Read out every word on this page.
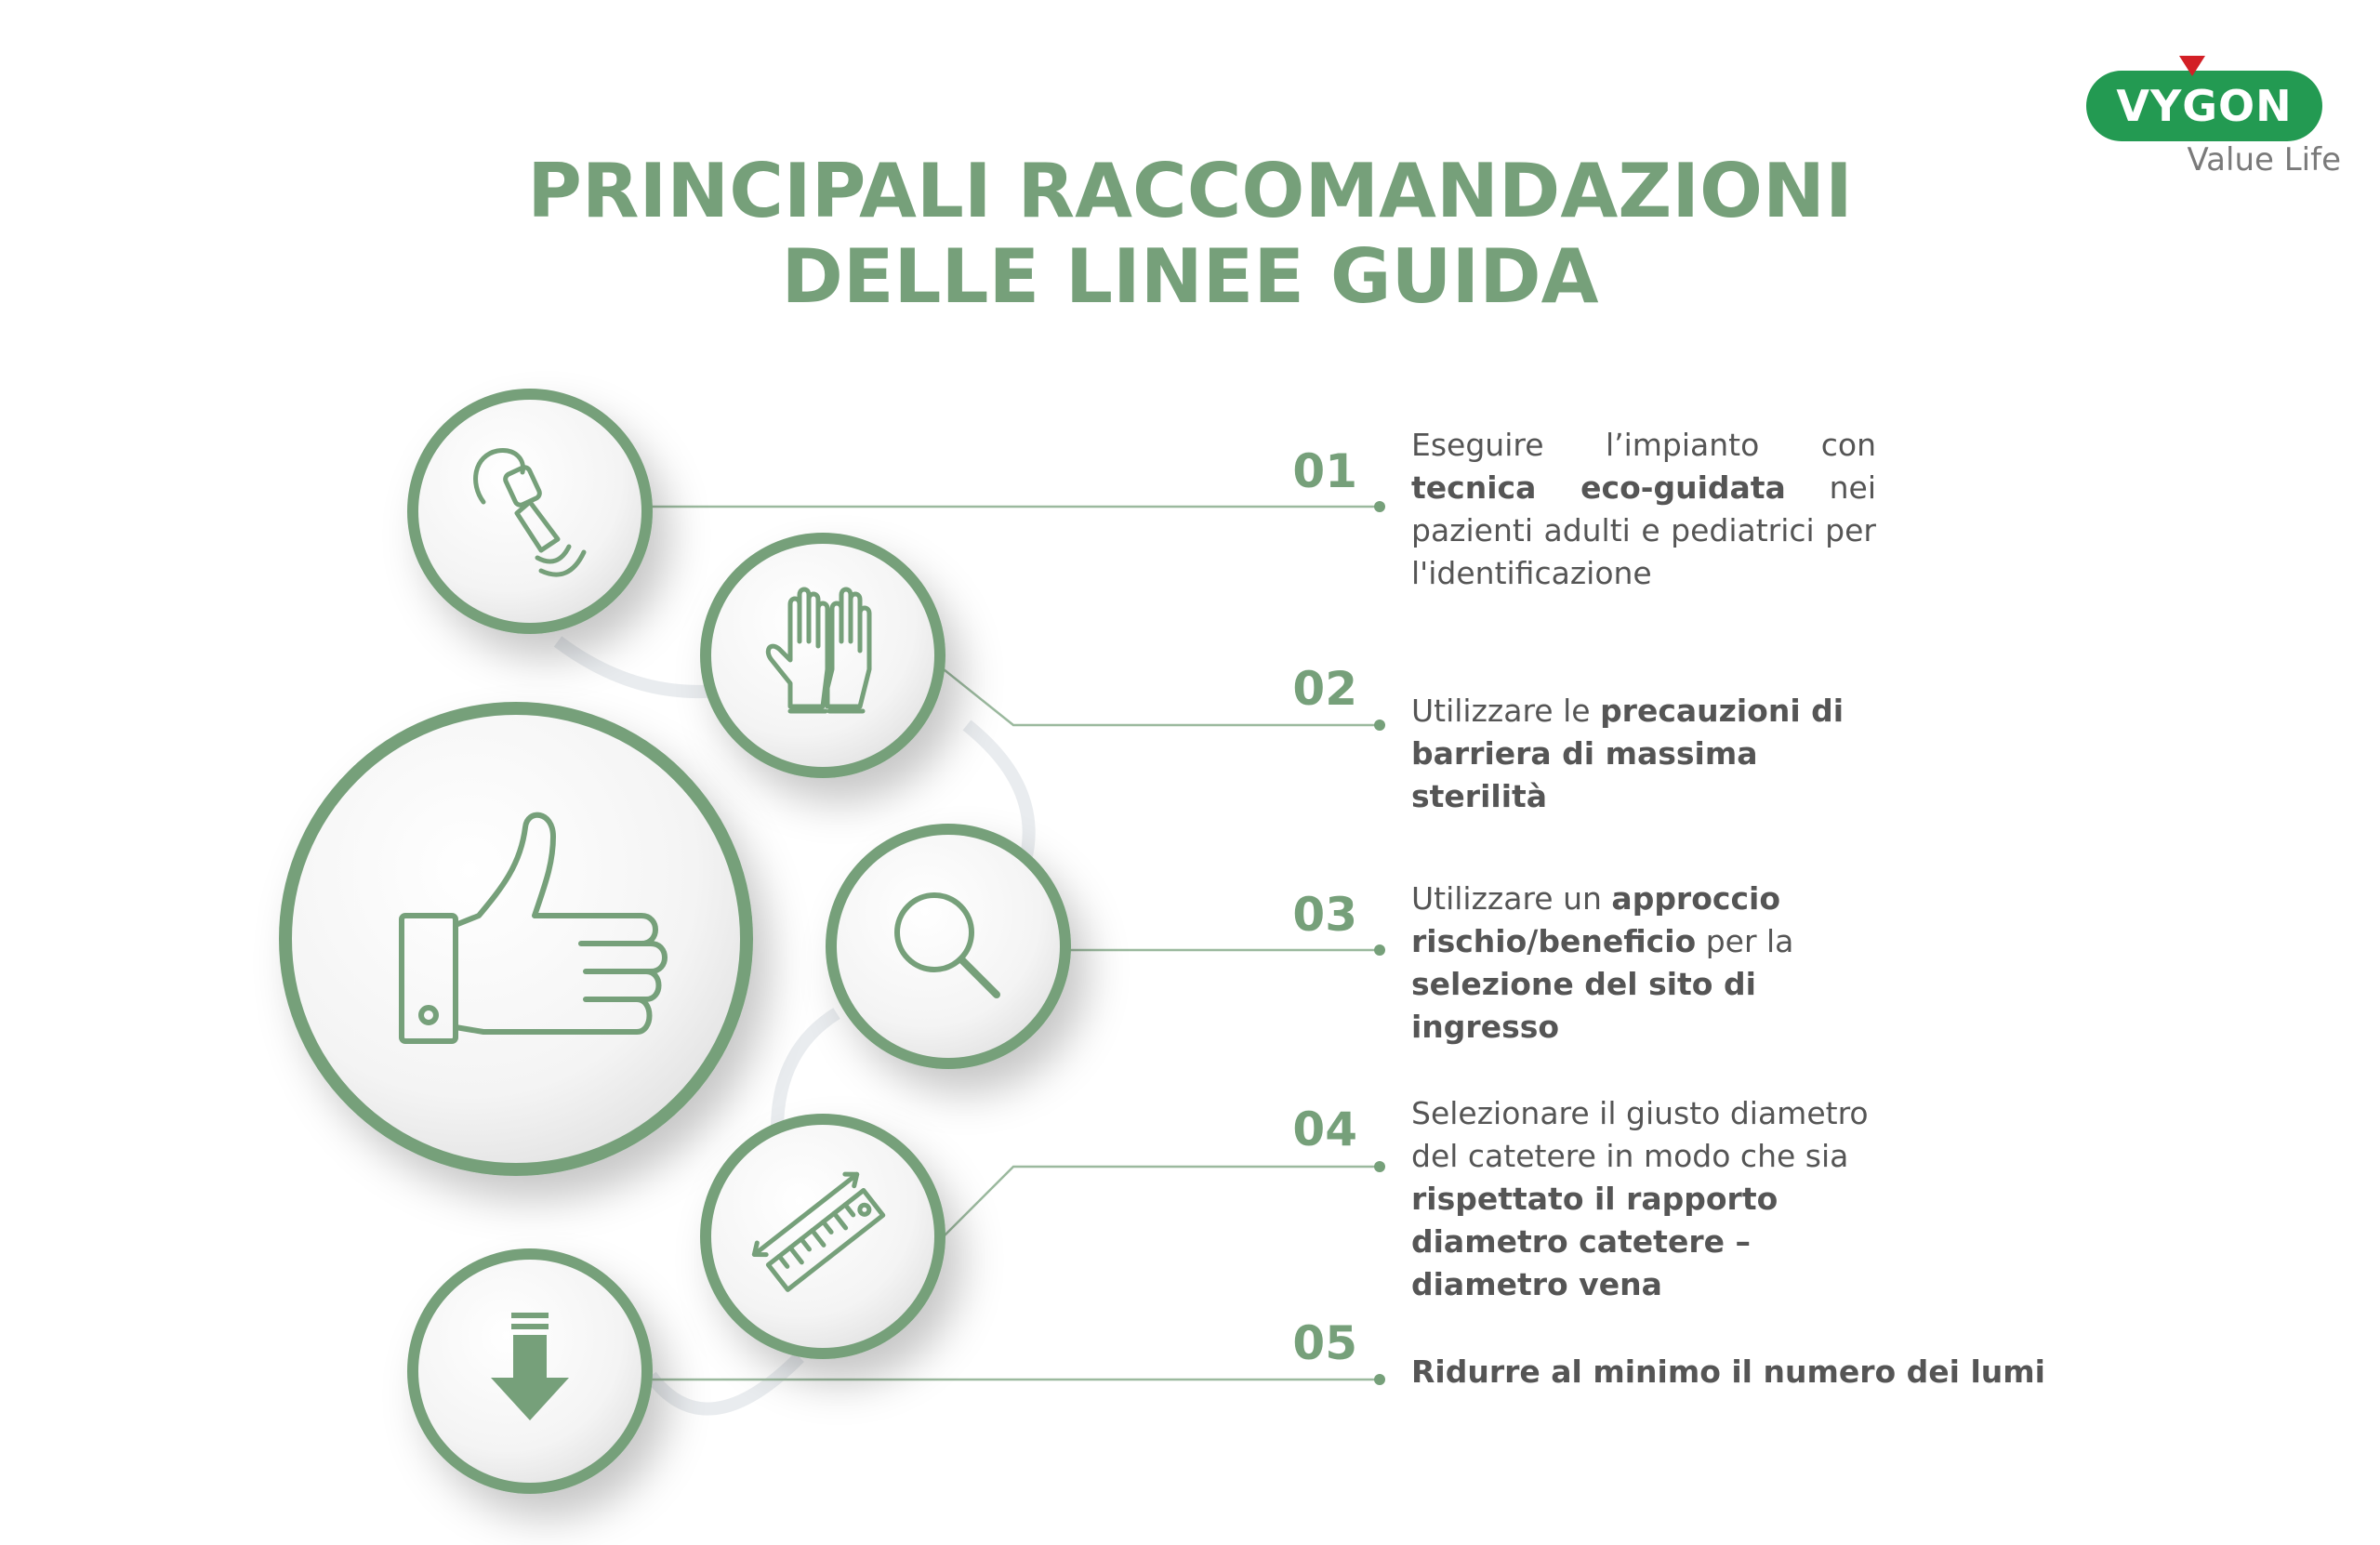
VYGON
Value Life
PRINCIPALI RACCOMANDAZIONI
DELLE LINEE GUIDA
01
02
03
04
05

Eseguire l’impianto con tecnica eco-guidata nei pazienti adulti e pediatrici per l'identificazione

Utilizzare le precauzioni di barriera di massima sterilità

Utilizzare un approccio rischio/beneficio per la selezione del sito di ingresso

Selezionare il giusto diametro del catetere in modo che sia rispettato il rapporto diametro catetere – diametro vena

Ridurre al minimo il numero dei lumi
